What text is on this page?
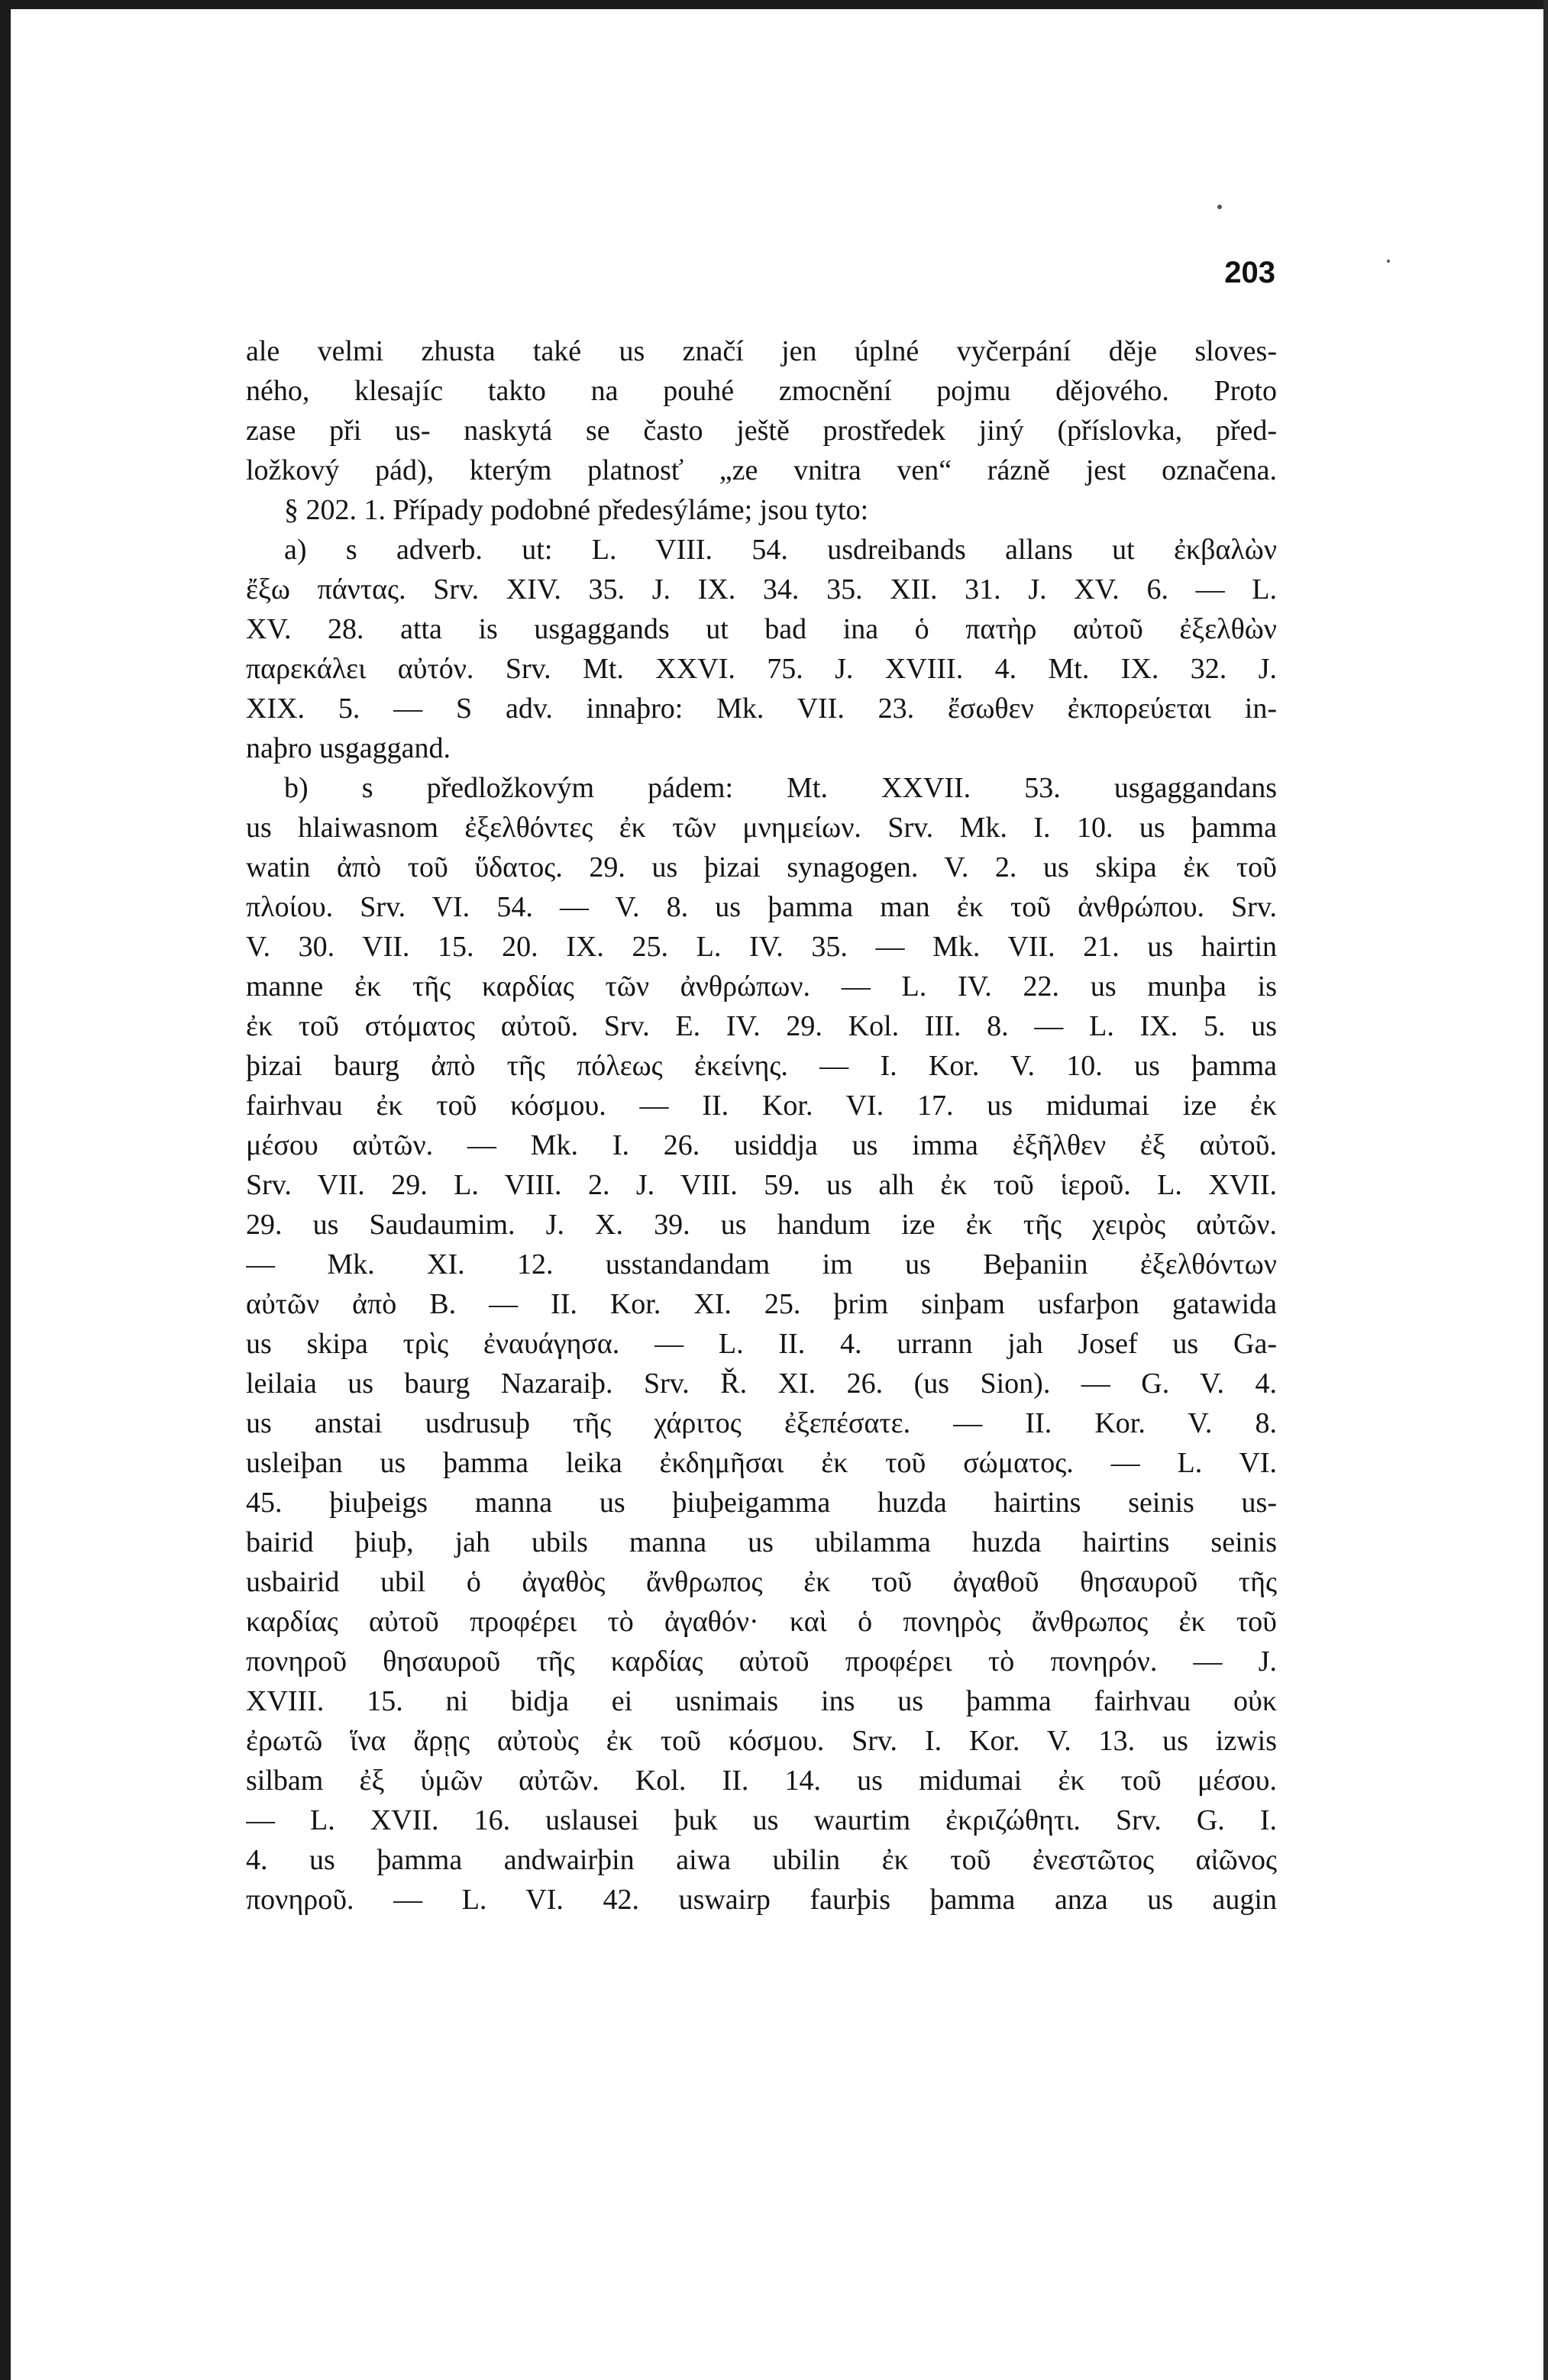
203
ale velmi zhusta také us značí jen úplné vyčerpání děje sloves-
ného, klesajíc takto na pouhé zmocnění pojmu dějového. Proto
zase při us- naskytá se často ještě prostředek jiný (příslovka, před-
ložkový pád), kterým platnosť „ze vnitra ven“ rázně jest označena.
§ 202. 1. Případy podobné předesýláme; jsou tyto:
a) s adverb. ut: L. VIII. 54. usdreibands allans ut ἐκβαλὼν
ἔξω πάντας. Srv. XIV. 35. J. IX. 34. 35. XII. 31. J. XV. 6. — L.
XV. 28. atta is usgaggands ut bad ina ὁ πατὴρ αὐτοῦ ἐξελθὼν
παρεκάλει αὐτόν. Srv. Mt. XXVI. 75. J. XVIII. 4. Mt. IX. 32. J.
XIX. 5. — S adv. innaþro: Mk. VII. 23. ἔσωθεν ἐκπορεύεται in-
naþro usgaggand.
b) s předložkovým pádem: Mt. XXVII. 53. usgaggandans
us hlaiwasnom ἐξελθόντες ἐκ τῶν μνημείων. Srv. Mk. I. 10. us þamma
watin ἀπὸ τοῦ ὕδατος. 29. us þizai synagogen. V. 2. us skipa ἐκ τοῦ
πλοίου. Srv. VI. 54. — V. 8. us þamma man ἐκ τοῦ ἀνθρώπου. Srv.
V. 30. VII. 15. 20. IX. 25. L. IV. 35. — Mk. VII. 21. us hairtin
manne ἐκ τῆς καρδίας τῶν ἀνθρώπων. — L. IV. 22. us munþa is
ἐκ τοῦ στόματος αὐτοῦ. Srv. E. IV. 29. Kol. III. 8. — L. IX. 5. us
þizai baurg ἀπὸ τῆς πόλεως ἐκείνης. — I. Kor. V. 10. us þamma
fairhvau ἐκ τοῦ κόσμου. — II. Kor. VI. 17. us midumai ize ἐκ
μέσου αὐτῶν. — Mk. I. 26. usiddja us imma ἐξῆλθεν ἐξ αὐτοῦ.
Srv. VII. 29. L. VIII. 2. J. VIII. 59. us alh ἐκ τοῦ ἱεροῦ. L. XVII.
29. us Saudaumim. J. X. 39. us handum ize ἐκ τῆς χειρὸς αὐτῶν.
— Mk. XI. 12. usstandandam im us Beþaniin ἐξελθόντων
αὐτῶν ἀπὸ B. — II. Kor. XI. 25. þrim sinþam usfarþon gatawida
us skipa τρὶς ἐναυάγησα. — L. II. 4. urrann jah Josef us Ga-
leilaia us baurg Nazaraiþ. Srv. Ř. XI. 26. (us Sion). — G. V. 4.
us anstai usdrusuþ τῆς χάριτος ἐξεπέσατε. — II. Kor. V. 8.
usleiþan us þamma leika ἐκδημῆσαι ἐκ τοῦ σώματος. — L. VI.
45. þiuþeigs manna us þiuþeigamma huzda hairtins seinis us-
bairid þiuþ, jah ubils manna us ubilamma huzda hairtins seinis
usbairid ubil ὁ ἀγαθὸς ἄνθρωπος ἐκ τοῦ ἀγαθοῦ θησαυροῦ τῆς
καρδίας αὐτοῦ προφέρει τὸ ἀγαθόν· καὶ ὁ πονηρὸς ἄνθρωπος ἐκ τοῦ
πονηροῦ θησαυροῦ τῆς καρδίας αὐτοῦ προφέρει τὸ πονηρόν. — J.
XVIII. 15. ni bidja ei usnimais ins us þamma fairhvau οὐκ
ἐρωτῶ ἵνα ἄρῃς αὐτοὺς ἐκ τοῦ κόσμου. Srv. I. Kor. V. 13. us izwis
silbam ἐξ ὑμῶν αὐτῶν. Kol. II. 14. us midumai ἐκ τοῦ μέσου.
— L. XVII. 16. uslausei þuk us waurtim ἐκριζώθητι. Srv. G. I.
4. us þamma andwairþin aiwa ubilin ἐκ τοῦ ἐνεστῶτος αἰῶνος
πονηροῦ. — L. VI. 42. uswairp faurþis þamma anza us augin
